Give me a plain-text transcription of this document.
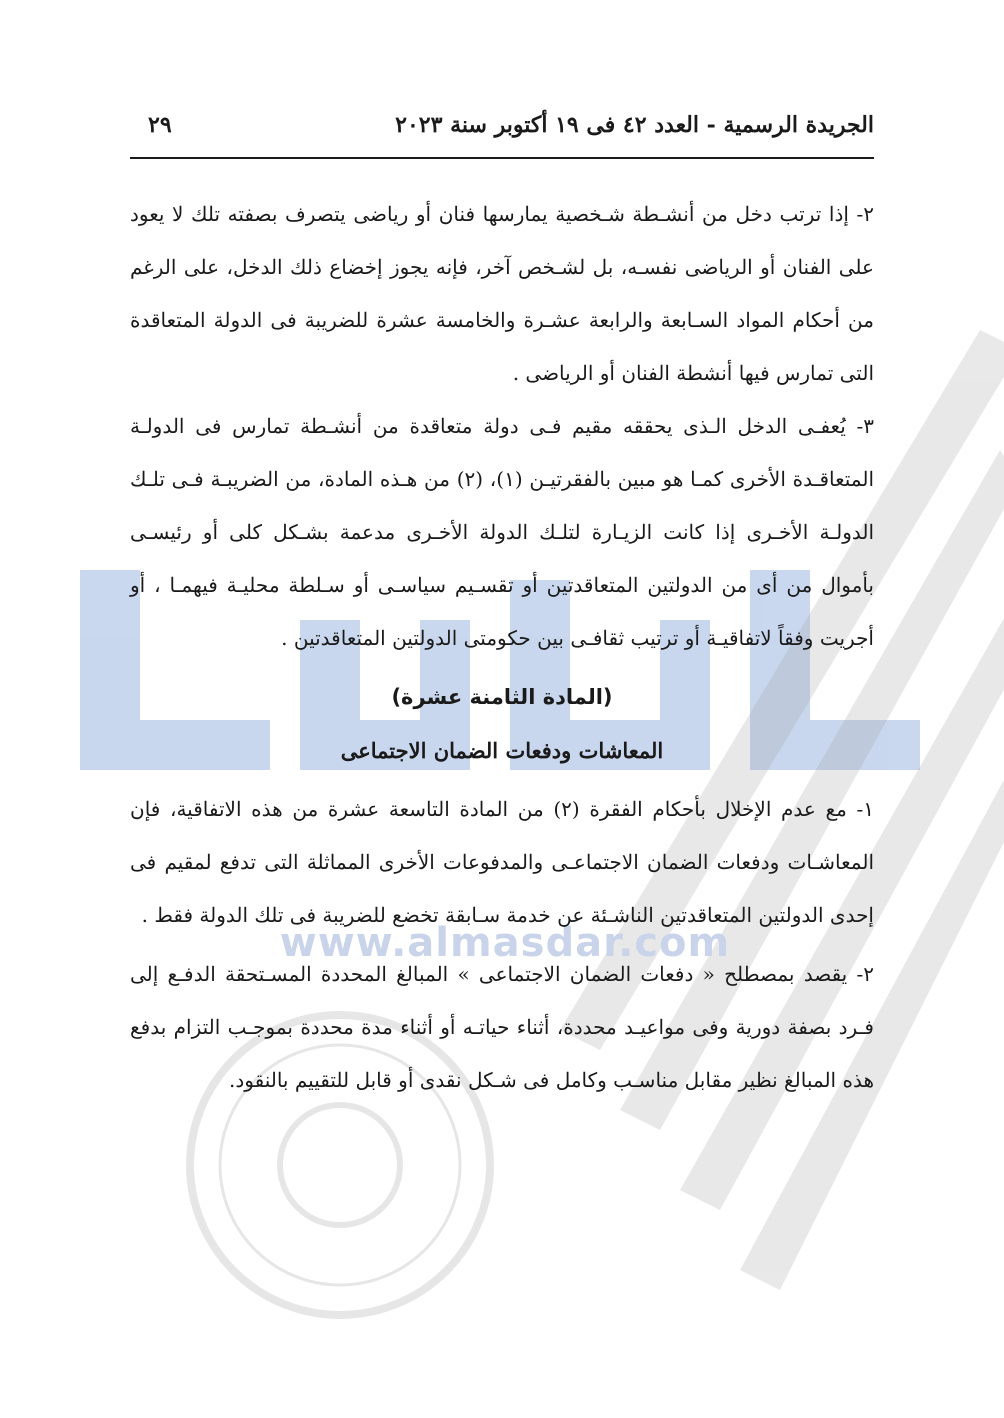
www.almasdar.com
الجريدة الرسمية - العدد ٤٢ فى ١٩ أكتوبر سنة ٢٠٢٣
٢٩

٢- إذا ترتب دخل من أنشـطة شـخصية يمارسها فنان أو رياضى يتصرف بصفته تلك لا يعود على الفنان أو الرياضى نفسـه، بل لشـخص آخر، فإنه يجوز إخضاع ذلك الدخل، على الرغم من أحكام المواد السـابعة والرابعة عشـرة والخامسة عشرة للضريبة فى الدولة المتعاقدة التى تمارس فيها أنشطة الفنان أو الرياضى .

٣- يُعفـى الدخل الـذى يحققه مقيم فـى دولة متعاقدة من أنشـطة تمارس فى الدولـة المتعاقـدة الأخرى كمـا هو مبين بالفقرتيـن (١)، (٢) من هـذه المادة، من الضريبـة فـى تلـك الدولـة الأخـرى إذا كانت الزيـارة لتلـك الدولة الأخـرى مدعمة بشـكل كلى أو رئيسـى بأموال من أى من الدولتين المتعاقدتين أو تقسـيم سياسـى أو سـلطة محليـة فيهمـا ، أو أجريت وفقاً لاتفاقيـة أو ترتيب ثقافـى بين حكومتى الدولتين المتعاقدتين .

(المادة الثامنة عشرة)

المعاشات ودفعات الضمان الاجتماعى

١- مع عدم الإخلال بأحكام الفقرة (٢) من المادة التاسعة عشرة من هذه الاتفاقية، فإن المعاشـات ودفعات الضمان الاجتماعـى والمدفوعات الأخرى المماثلة التى تدفع لمقيم فى إحدى الدولتين المتعاقدتين الناشـئة عن خدمة سـابقة تخضع للضريبة فى تلك الدولة فقط .

٢- يقصد بمصطلح « دفعات الضمان الاجتماعى » المبالغ المحددة المسـتحقة الدفـع إلى فـرد بصفة دورية وفى مواعيـد محددة، أثناء حياتـه أو أثناء مدة محددة بموجـب التزام بدفع هذه المبالغ نظير مقابل مناسـب وكامل فى شـكل نقدى أو قابل للتقييم بالنقود.
